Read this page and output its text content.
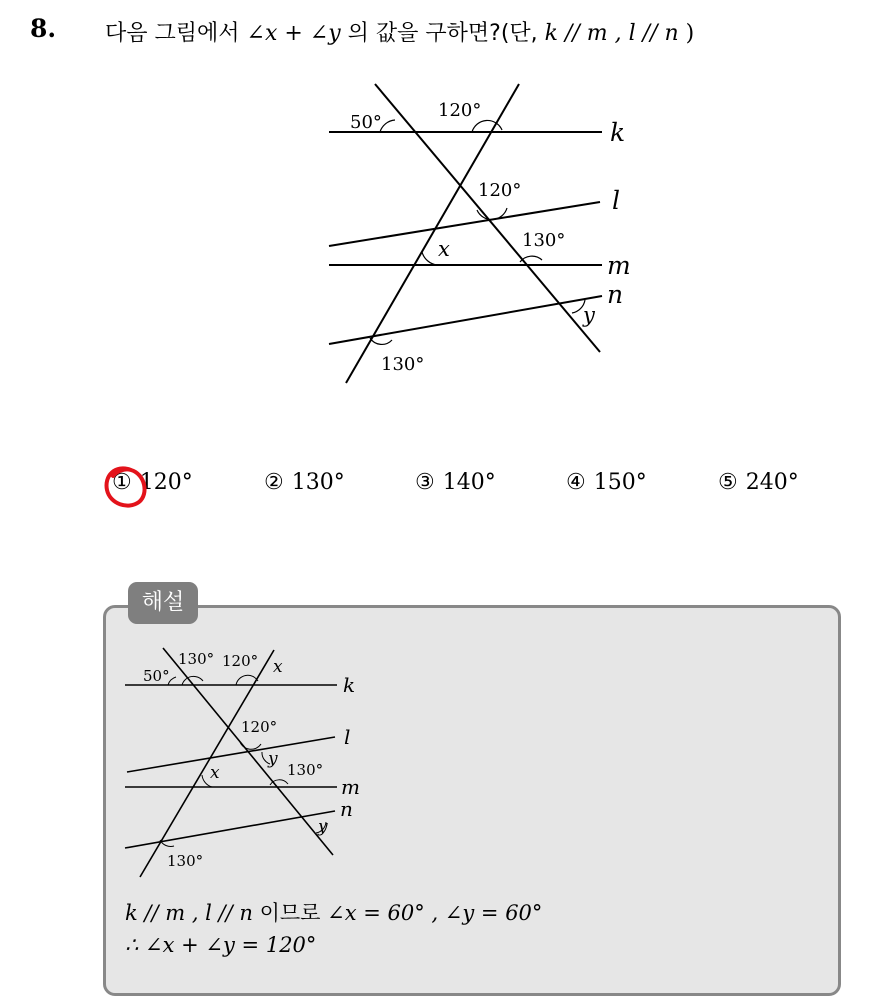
8. 다음 그림에서 ∠x + ∠y 의 값을 구하면?(단, k // m , l // n )
k
l
m
n
50°
120°
120°
130°
x
y
130°
① 120°	② 130°	③ 140°	④ 150°	⑤ 240°
해설
k
l
m
n
50°
130° 120° x
120°
y
x	130°
y
130°
k // m , l // n 이므로 ∠x = 60° , ∠y = 60°
∴ ∠x + ∠y = 120°
